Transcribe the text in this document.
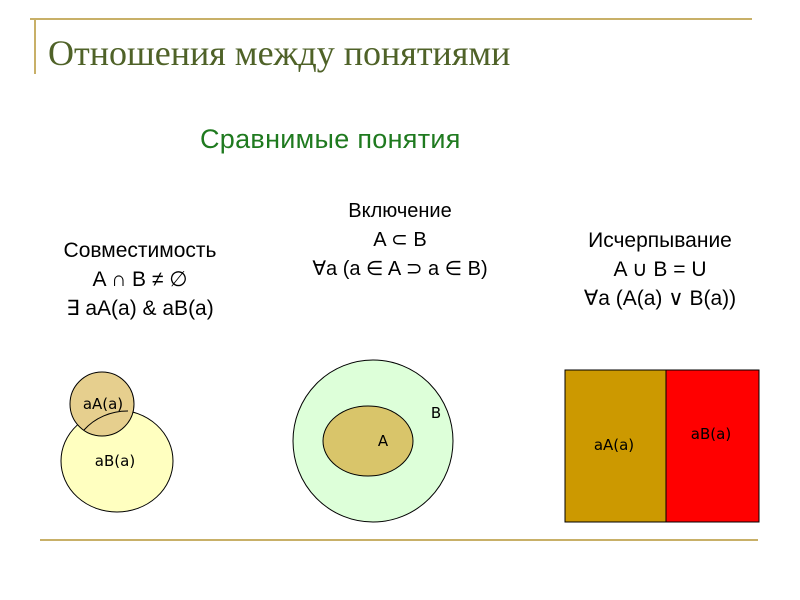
Отношения между понятиями
Сравнимые понятия
Совместимость
A ∩ B ≠ ∅
∃ aA(a) & aB(a)
Включение
A ⊂ B
∀a (a ∈ A ⊃ a ∈ B)
Исчерпывание
A ∪ B = U
∀a (A(a) ∨ B(a))
aA(a)
aB(a)
A
B
aA(a)
aB(a)
